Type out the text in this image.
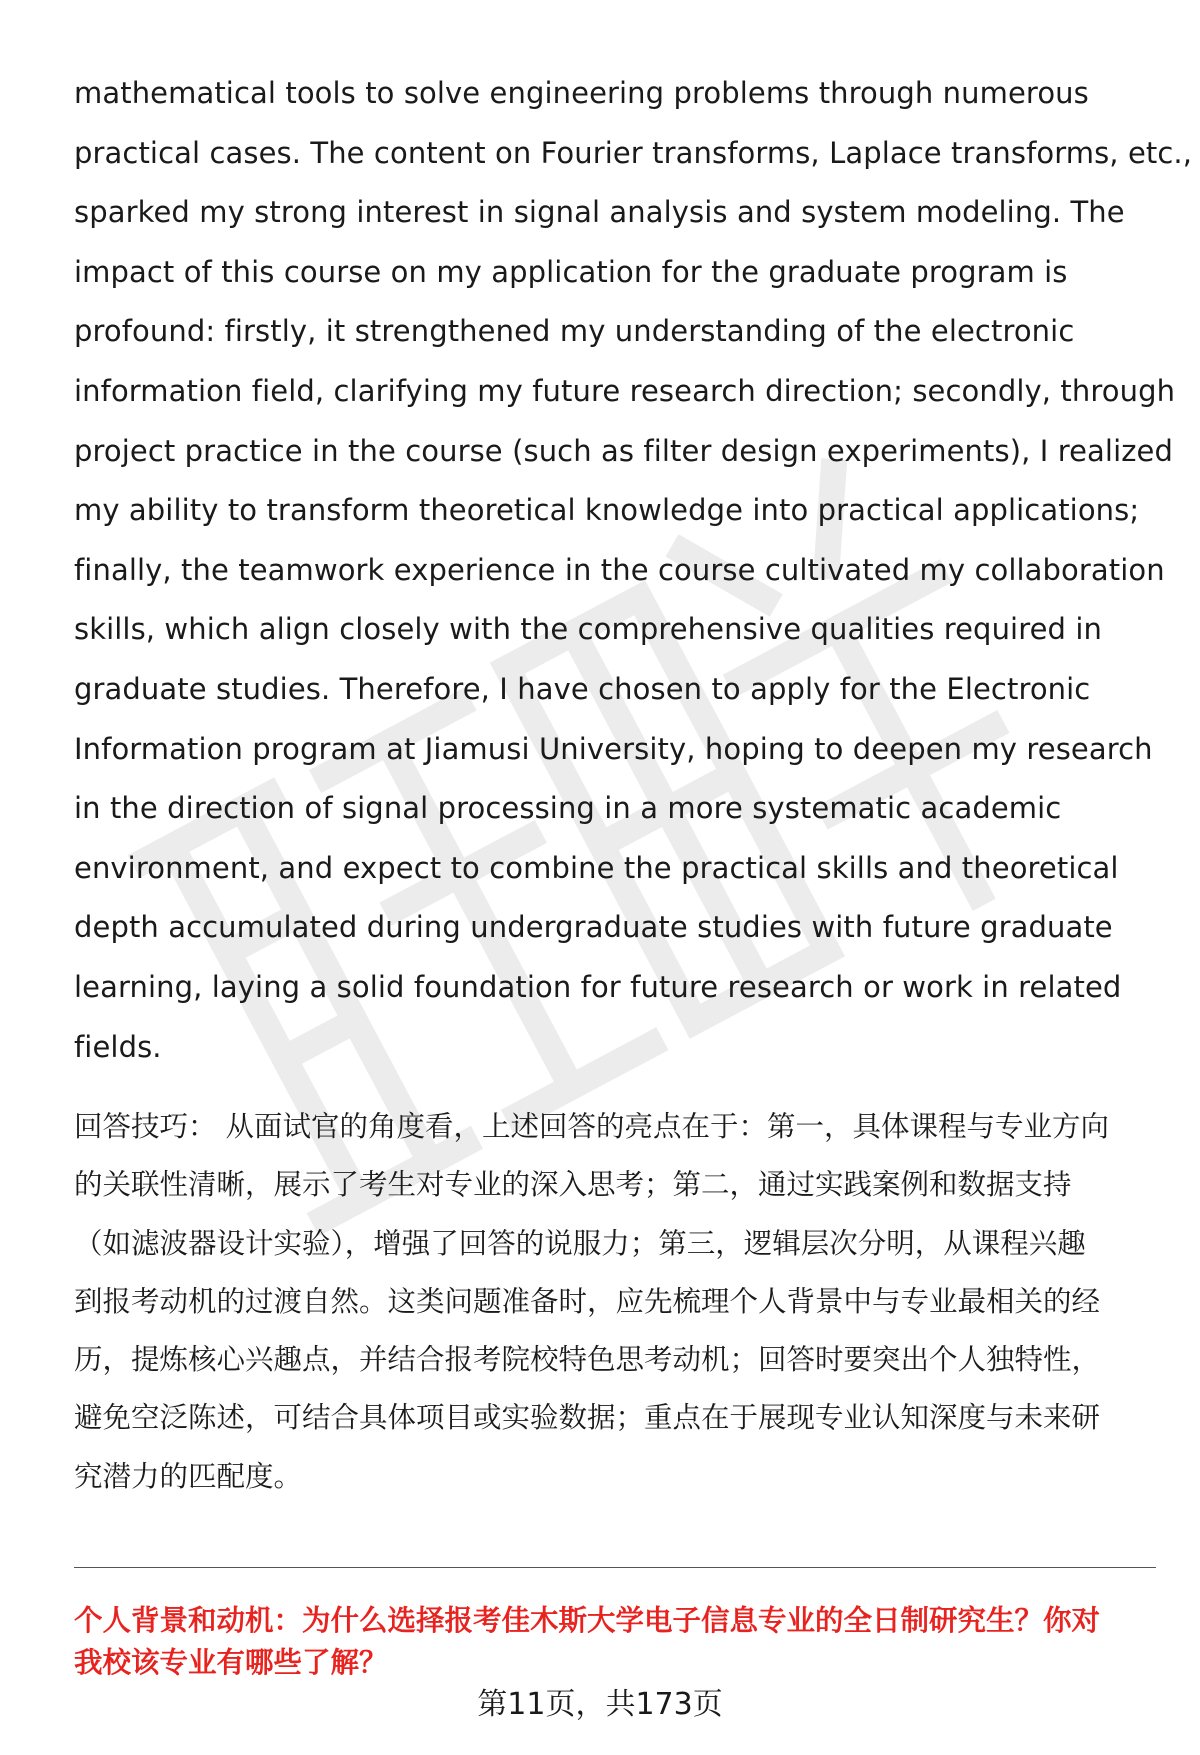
mathematical tools to solve engineering problems through numerous
practical cases. The content on Fourier transforms, Laplace transforms, etc.,
sparked my strong interest in signal analysis and system modeling. The
impact of this course on my application for the graduate program is
profound: firstly, it strengthened my understanding of the electronic
information field, clarifying my future research direction; secondly, through
project practice in the course (such as filter design experiments), I realized
my ability to transform theoretical knowledge into practical applications;
finally, the teamwork experience in the course cultivated my collaboration
skills, which align closely with the comprehensive qualities required in
graduate studies. Therefore, I have chosen to apply for the Electronic
Information program at Jiamusi University, hoping to deepen my research
in the direction of signal processing in a more systematic academic
environment, and expect to combine the practical skills and theoretical
depth accumulated during undergraduate studies with future graduate
learning, laying a solid foundation for future research or work in related
fields.
回答技巧： 从面试官的角度看，上述回答的亮点在于：第一，具体课程与专业方向
的关联性清晰，展示了考生对专业的深入思考；第二，通过实践案例和数据支持
（如滤波器设计实验），增强了回答的说服力；第三，逻辑层次分明，从课程兴趣
到报考动机的过渡自然。这类问题准备时，应先梳理个人背景中与专业最相关的经
历，提炼核心兴趣点，并结合报考院校特色思考动机；回答时要突出个人独特性，
避免空泛陈述，可结合具体项目或实验数据；重点在于展现专业认知深度与未来研
究潜力的匹配度。
个人背景和动机：为什么选择报考佳木斯大学电子信息专业的全日制研究生？你对
我校该专业有哪些了解？
第11页，共173页
